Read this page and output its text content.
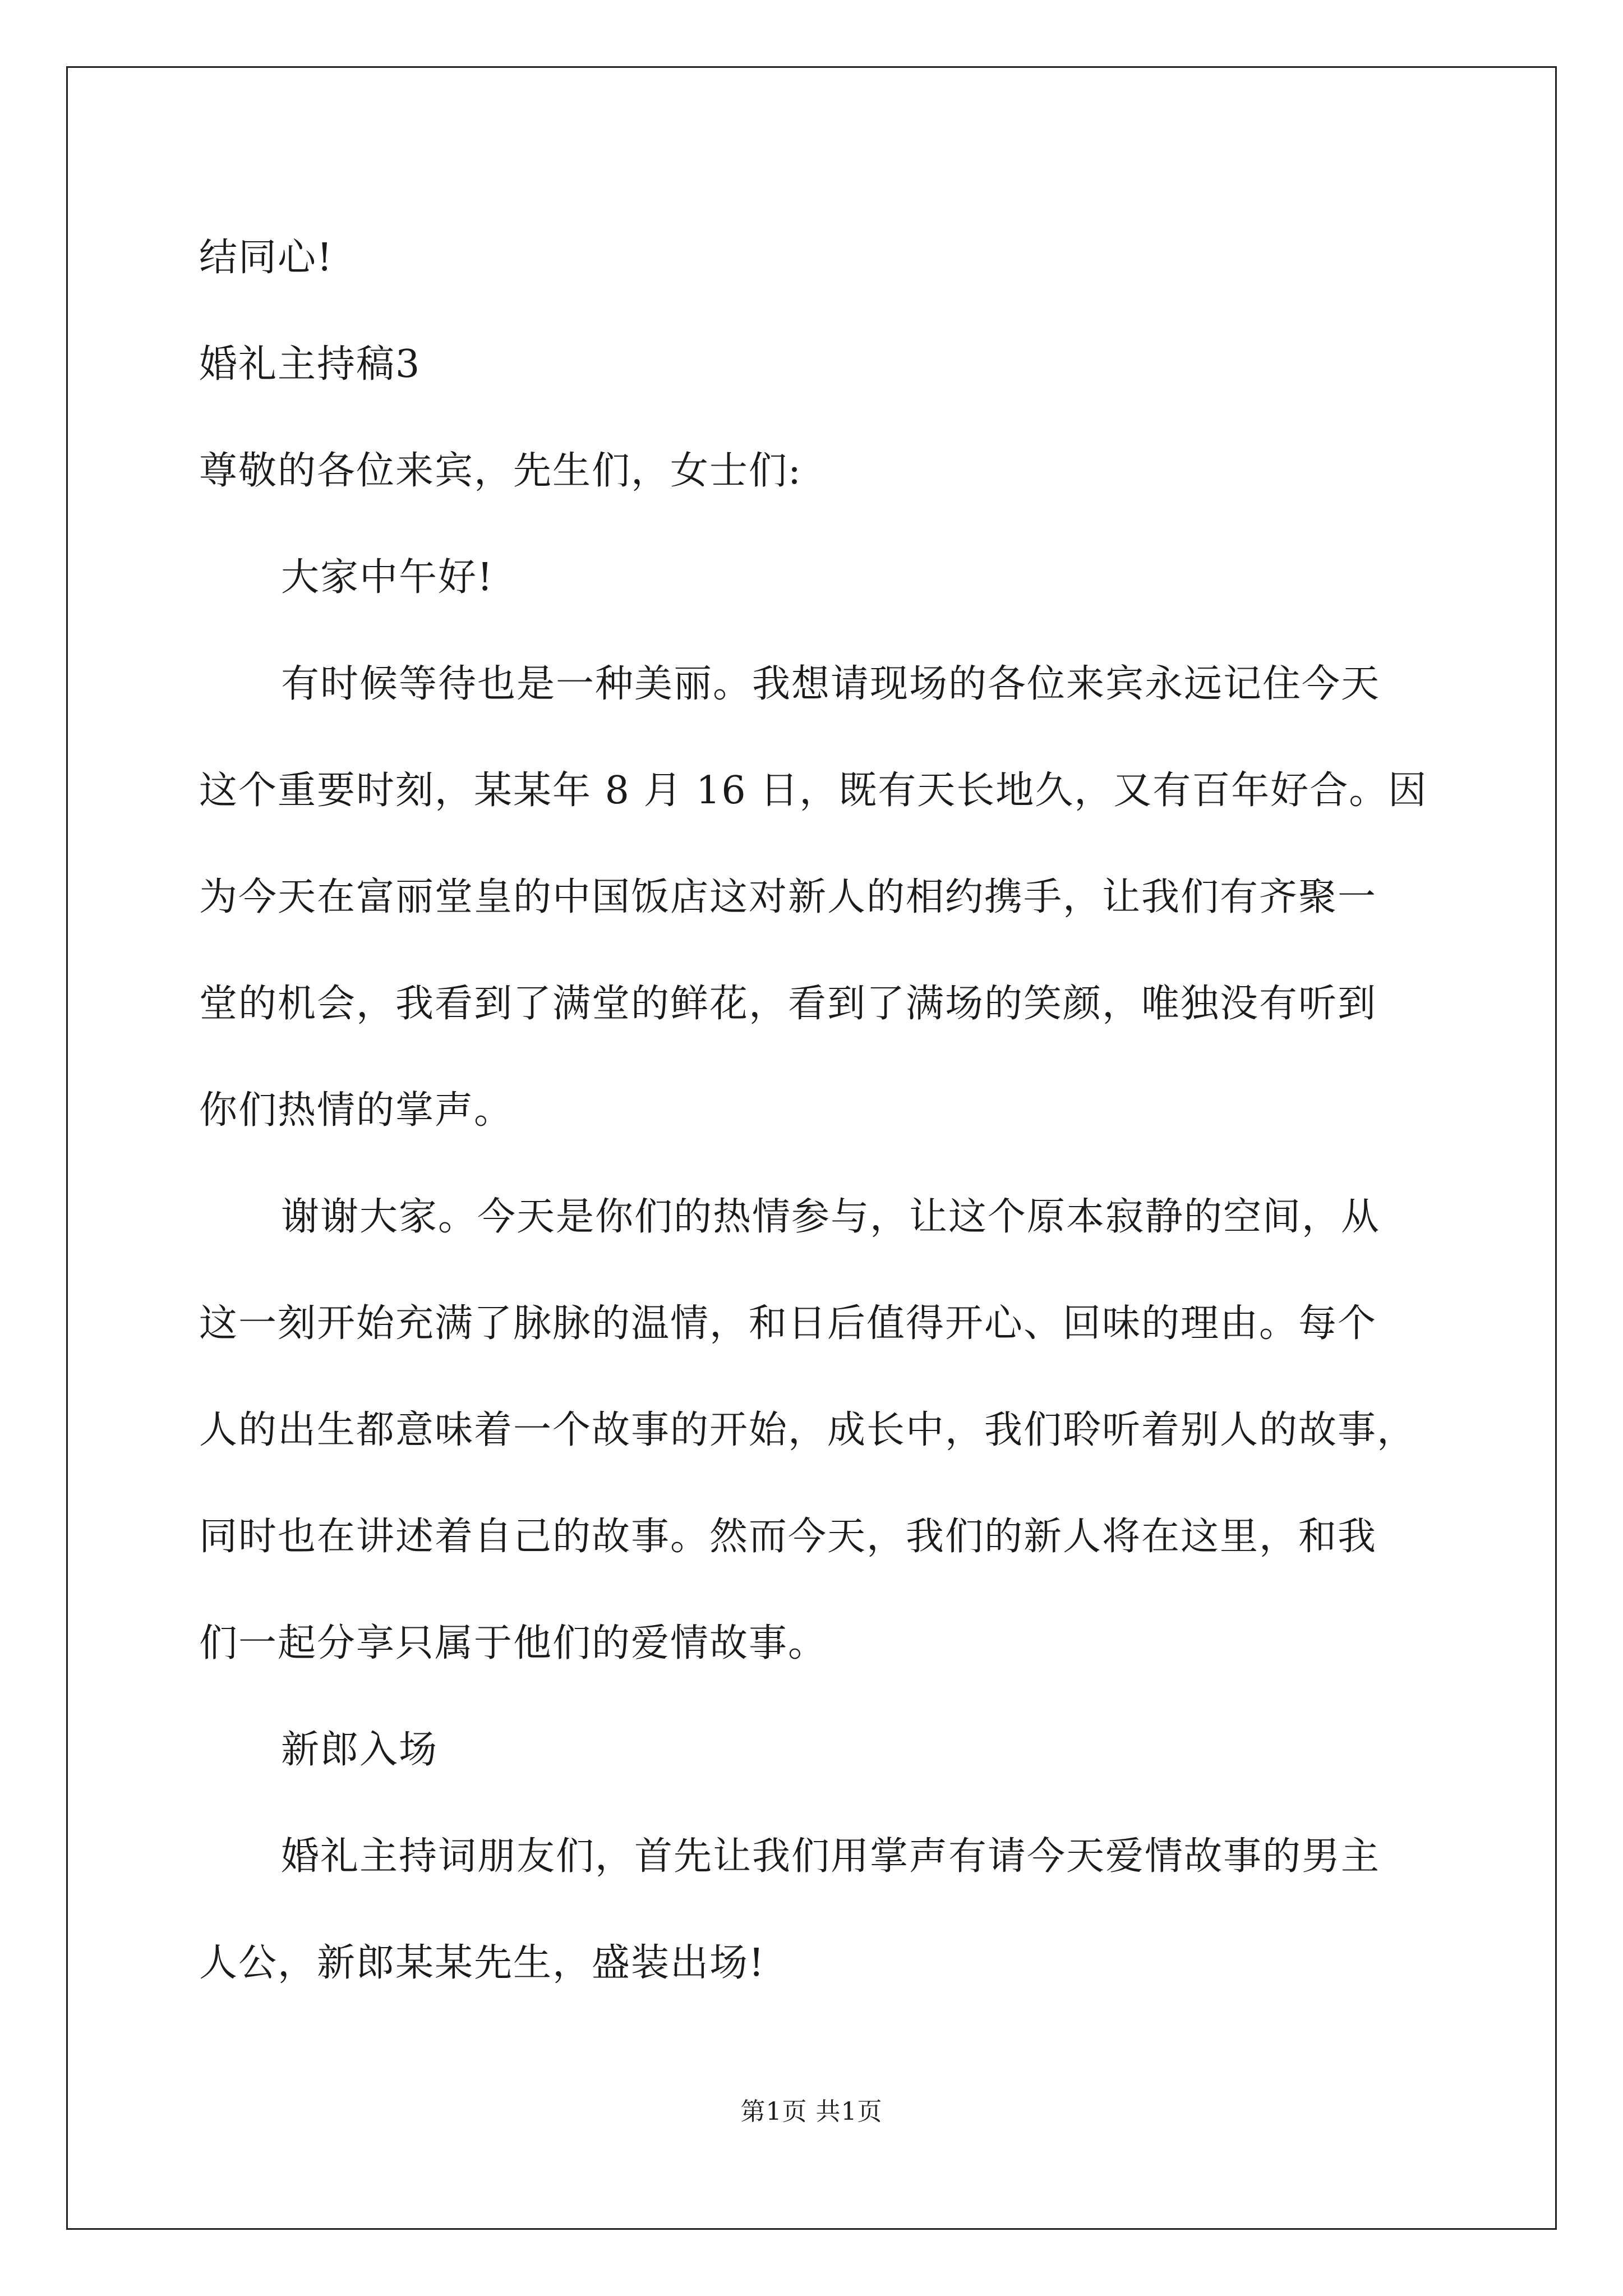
结同心!
婚礼主持稿3
尊敬的各位来宾，先生们，女士们:
大家中午好!
有时候等待也是一种美丽。我想请现场的各位来宾永远记住今天
这个重要时刻，某某年 8 月 16 日，既有天长地久，又有百年好合。因
为今天在富丽堂皇的中国饭店这对新人的相约携手，让我们有齐聚一
堂的机会，我看到了满堂的鲜花，看到了满场的笑颜，唯独没有听到
你们热情的掌声。
谢谢大家。今天是你们的热情参与，让这个原本寂静的空间，从
这一刻开始充满了脉脉的温情，和日后值得开心、回味的理由。每个
人的出生都意味着一个故事的开始，成长中，我们聆听着别人的故事，
同时也在讲述着自己的故事。然而今天，我们的新人将在这里，和我
们一起分享只属于他们的爱情故事。
新郎入场
婚礼主持词朋友们，首先让我们用掌声有请今天爱情故事的男主
人公，新郎某某先生，盛装出场!
第1页 共1页
